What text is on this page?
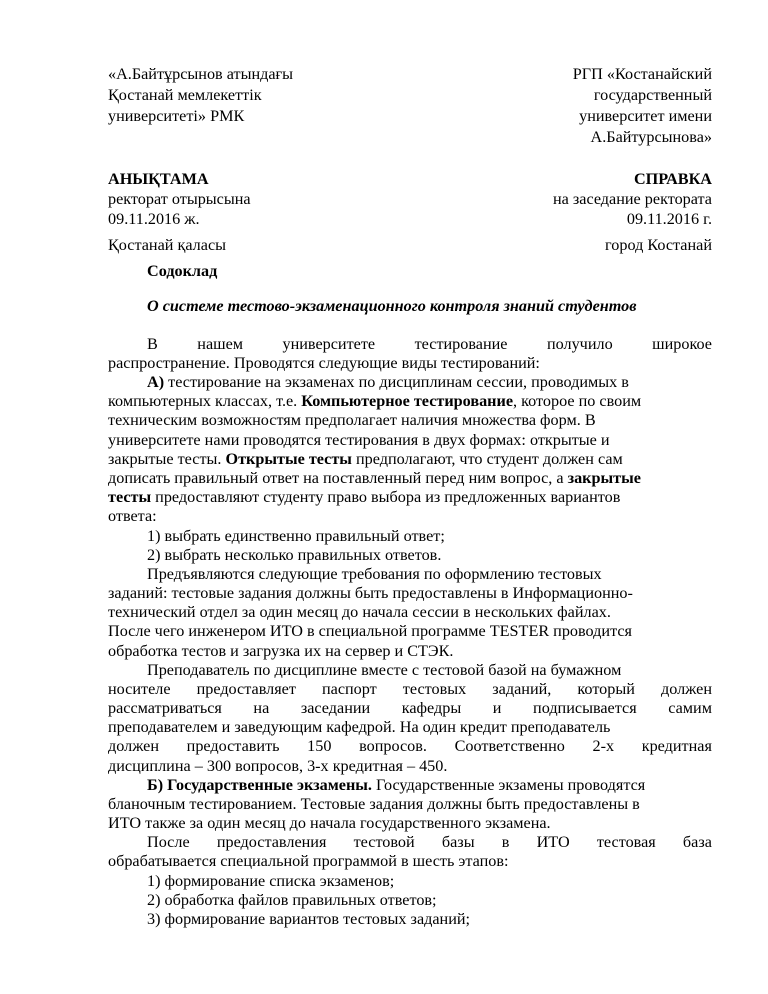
«А.Байтұрсынов атындағы
Қостанай мемлекеттік
университеті» РМК
РГП «Костанайский
государственный
университет имени
А.Байтурсынова»
АНЫҚТАМА	СПРАВКА
ректорат отырысына	на заседание ректората
09.11.2016 ж.	09.11.2016 г.
Қостанай қаласы	город Костанай
Содоклад
О системе тестово-экзаменационного контроля знаний студентов
В нашем университете тестирование получило широкое
распространение. Проводятся следующие виды тестирований:
А) тестирование на экзаменах по дисциплинам сессии, проводимых в
компьютерных классах, т.е. Компьютерное тестирование, которое по своим
техническим возможностям предполагает наличия множества форм. В
университете нами проводятся тестирования в двух формах: открытые и
закрытые тесты. Открытые тесты предполагают, что студент должен сам
дописать правильный ответ на поставленный перед ним вопрос, а закрытые
тесты предоставляют студенту право выбора из предложенных вариантов
ответа:
1) выбрать единственно правильный ответ;
2) выбрать несколько правильных ответов.
Предъявляются следующие требования по оформлению тестовых
заданий: тестовые задания должны быть предоставлены в Информационно-
технический отдел за один месяц до начала сессии в нескольких файлах.
После чего инженером ИТО в специальной программе TESTER проводится
обработка тестов и загрузка их на сервер и СТЭК.
Преподаватель по дисциплине вместе с тестовой базой на бумажном
носителе предоставляет паспорт тестовых заданий, который должен
рассматриваться на заседании кафедры и подписывается самим
преподавателем и заведующим кафедрой. На один кредит преподаватель
должен предоставить 150 вопросов. Соответственно 2-х кредитная
дисциплина – 300 вопросов, 3-х кредитная – 450.
Б) Государственные экзамены. Государственные экзамены проводятся
бланочным тестированием. Тестовые задания должны быть предоставлены в
ИТО также за один месяц до начала государственного экзамена.
После предоставления тестовой базы в ИТО тестовая база
обрабатывается специальной программой в шесть этапов:
1) формирование списка экзаменов;
2) обработка файлов правильных ответов;
3) формирование вариантов тестовых заданий;
